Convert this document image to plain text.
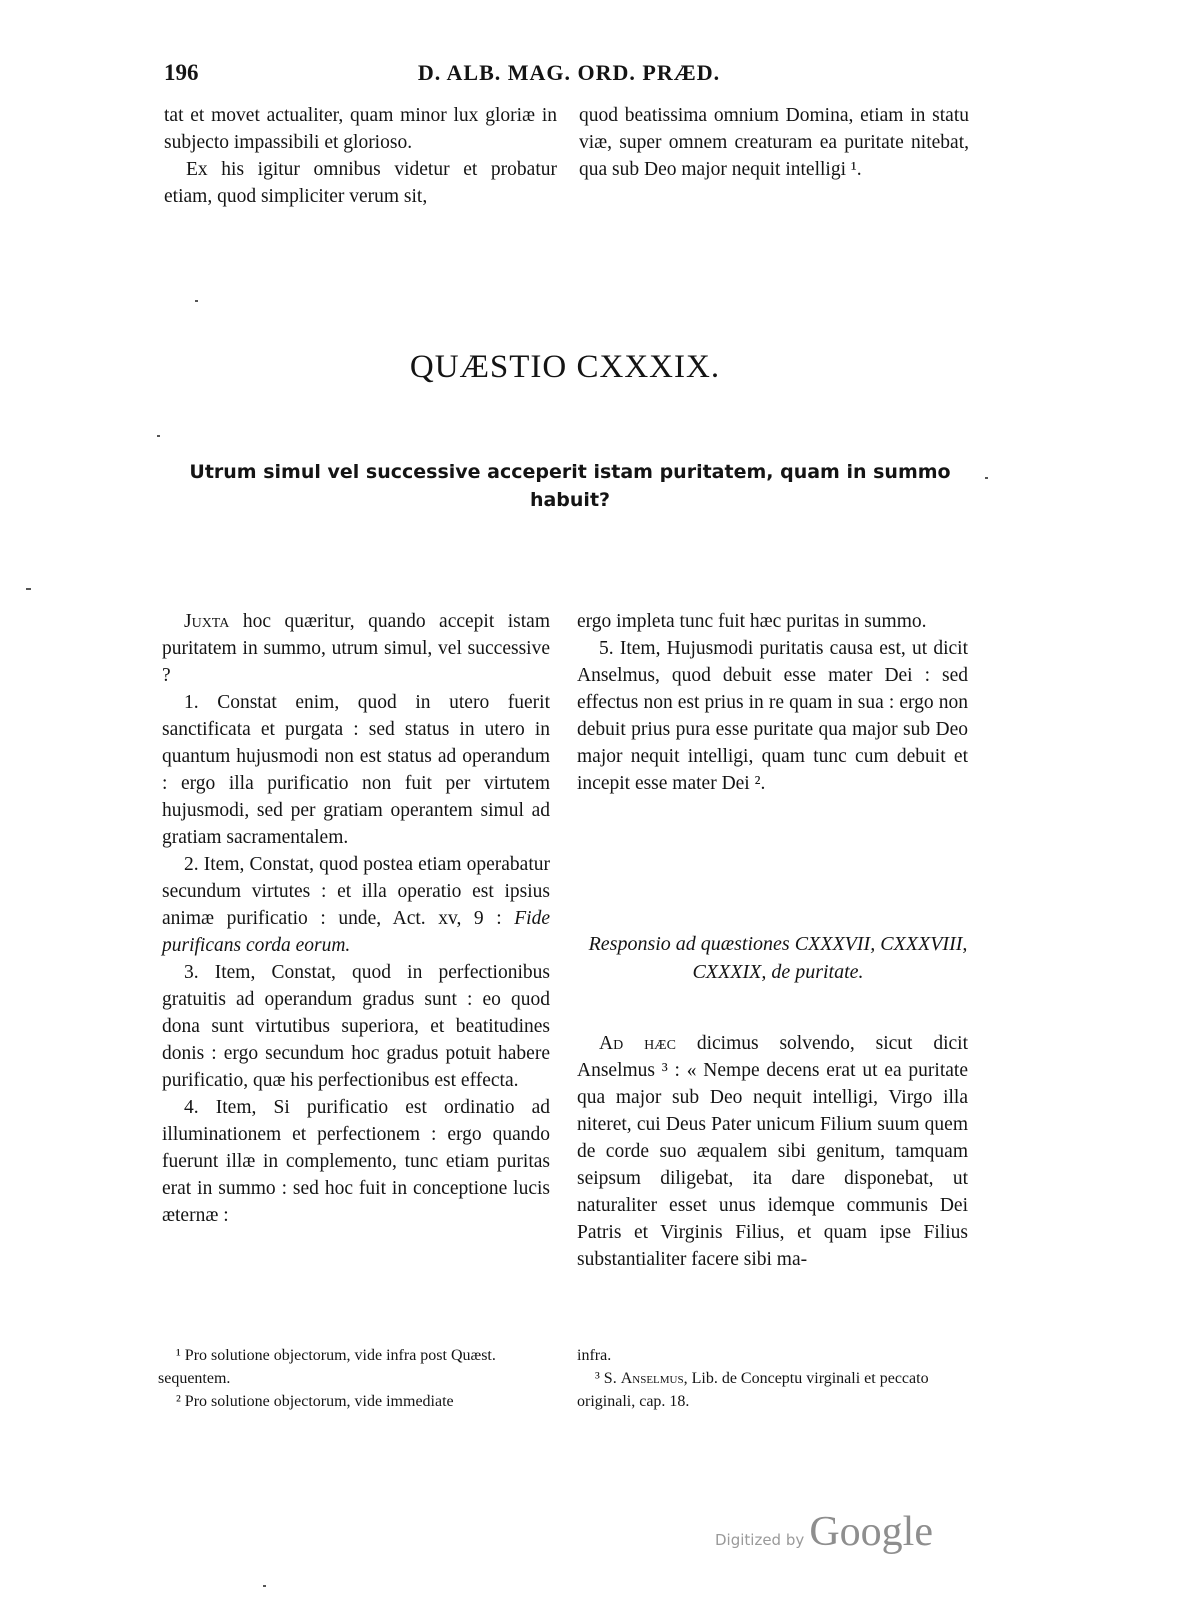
196	D. ALB. MAG. ORD. PRÆD.

tat et movet actualiter, quam minor lux gloriæ in subjecto impassibili et glorioso.

Ex his igitur omnibus videtur et probatur etiam, quod simpliciter verum sit,

quod beatissima omnium Domina, etiam in statu viæ, super omnem creaturam ea puritate nitebat, qua sub Deo major nequit intelligi ¹.

QUÆSTIO CXXXIX.
Utrum simul vel successive acceperit istam puritatem, quam in summo habuit?

Juxta hoc quæritur, quando accepit istam puritatem in summo, utrum simul, vel successive ?

1. Constat enim, quod in utero fuerit sanctificata et purgata : sed status in utero in quantum hujusmodi non est status ad operandum : ergo illa purificatio non fuit per virtutem hujusmodi, sed per gratiam operantem simul ad gratiam sacramentalem.

2. Item, Constat, quod postea etiam operabatur secundum virtutes : et illa operatio est ipsius animæ purificatio : unde, Act. xv, 9 : Fide purificans corda eorum.

3. Item, Constat, quod in perfectionibus gratuitis ad operandum gradus sunt : eo quod dona sunt virtutibus superiora, et beatitudines donis : ergo secundum hoc gradus potuit habere purificatio, quæ his perfectionibus est effecta.

4. Item, Si purificatio est ordinatio ad illuminationem et perfectionem : ergo quando fuerunt illæ in complemento, tunc etiam puritas erat in summo : sed hoc fuit in conceptione lucis æternæ :

ergo impleta tunc fuit hæc puritas in summo.

5. Item, Hujusmodi puritatis causa est, ut dicit Anselmus, quod debuit esse mater Dei : sed effectus non est prius in re quam in sua : ergo non debuit prius pura esse puritate qua major sub Deo major nequit intelligi, quam tunc cum debuit et incepit esse mater Dei ².

Responsio ad quæstiones CXXXVII, CXXXVIII, CXXXIX, de puritate.

Ad hæc dicimus solvendo, sicut dicit Anselmus ³ : « Nempe decens erat ut ea puritate qua major sub Deo nequit intelligi, Virgo illa niteret, cui Deus Pater unicum Filium suum quem de corde suo æqualem sibi genitum, tamquam seipsum diligebat, ita dare disponebat, ut naturaliter esset unus idemque communis Dei Patris et Virginis Filius, et quam ipse Filius substantialiter facere sibi ma-

¹ Pro solutione objectorum, vide infra post Quæst. sequentem.

² Pro solutione objectorum, vide immediate

infra.

³ S. Anselmus, Lib. de Conceptu virginali et peccato originali, cap. 18.

Digitized by Google
